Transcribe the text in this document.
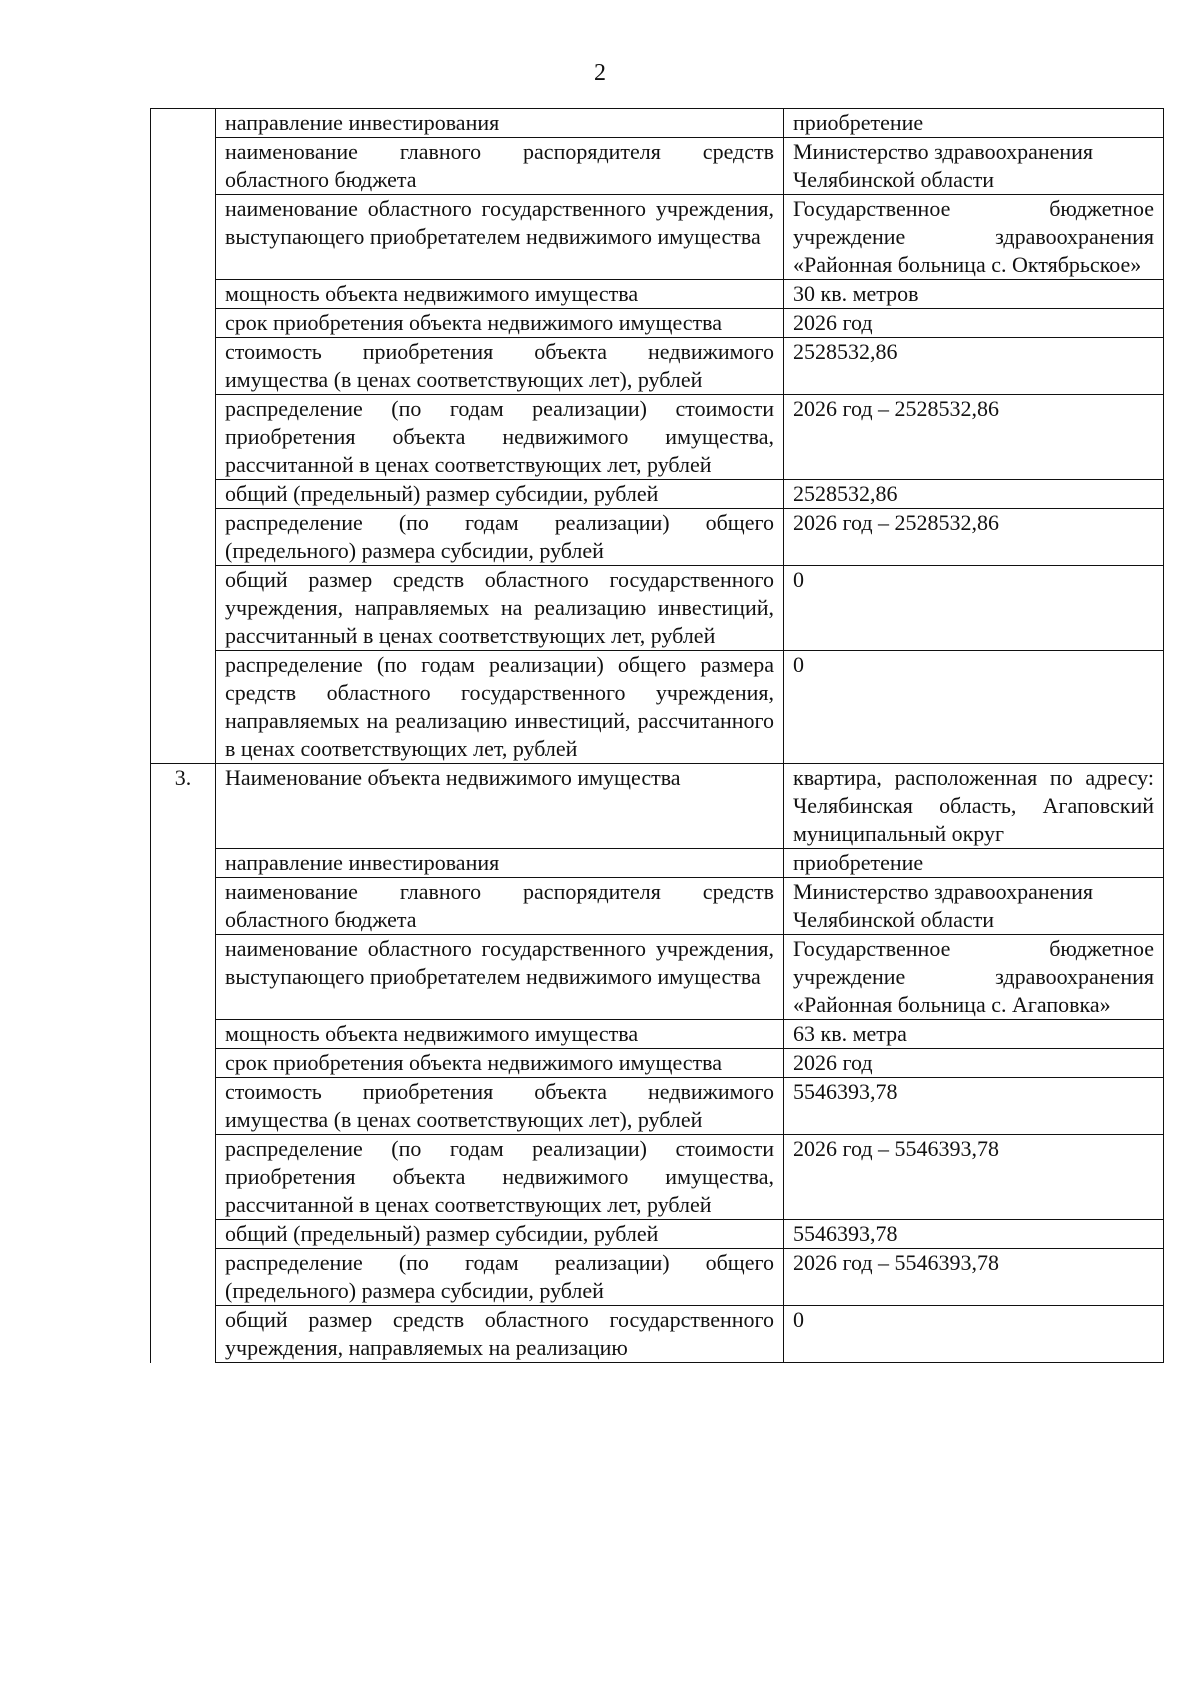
2
	направление инвестирования	приобретение
	наименование главного распорядителя средств областного бюджета	Министерство здравоохранения Челябинской области
	наименование областного государственного учреждения, выступающего приобретателем недвижимого имущества	Государственное бюджетное учреждение здравоохранения «Районная больница с. Октябрьское»
	мощность объекта недвижимого имущества	30 кв. метров
	срок приобретения объекта недвижимого имущества	2026 год
	стоимость приобретения объекта недвижимого имущества (в ценах соответствующих лет), рублей	2528532,86
	распределение (по годам реализации) стоимости приобретения объекта недвижимого имущества, рассчитанной в ценах соответствующих лет, рублей	2026 год – 2528532,86
	общий (предельный) размер субсидии, рублей	2528532,86
	распределение (по годам реализации) общего (предельного) размера субсидии, рублей	2026 год – 2528532,86
	общий размер средств областного государственного учреждения, направляемых на реализацию инвестиций, рассчитанный в ценах соответствующих лет, рублей	0
	распределение (по годам реализации) общего размера средств областного государственного учреждения, направляемых на реализацию инвестиций, рассчитанного в ценах соответствующих лет, рублей	0
3.	Наименование объекта недвижимого имущества	квартира, расположенная по адресу: Челябинская область, Агаповский муниципальный округ
	направление инвестирования	приобретение
	наименование главного распорядителя средств областного бюджета	Министерство здравоохранения Челябинской области
	наименование областного государственного учреждения, выступающего приобретателем недвижимого имущества	Государственное бюджетное учреждение здравоохранения «Районная больница с. Агаповка»
	мощность объекта недвижимого имущества	63 кв. метра
	срок приобретения объекта недвижимого имущества	2026 год
	стоимость приобретения объекта недвижимого имущества (в ценах соответствующих лет), рублей	5546393,78
	распределение (по годам реализации) стоимости приобретения объекта недвижимого имущества, рассчитанной в ценах соответствующих лет, рублей	2026 год – 5546393,78
	общий (предельный) размер субсидии, рублей	5546393,78
	распределение (по годам реализации) общего (предельного) размера субсидии, рублей	2026 год – 5546393,78
	общий размер средств областного государственного учреждения, направляемых на реализацию	0
